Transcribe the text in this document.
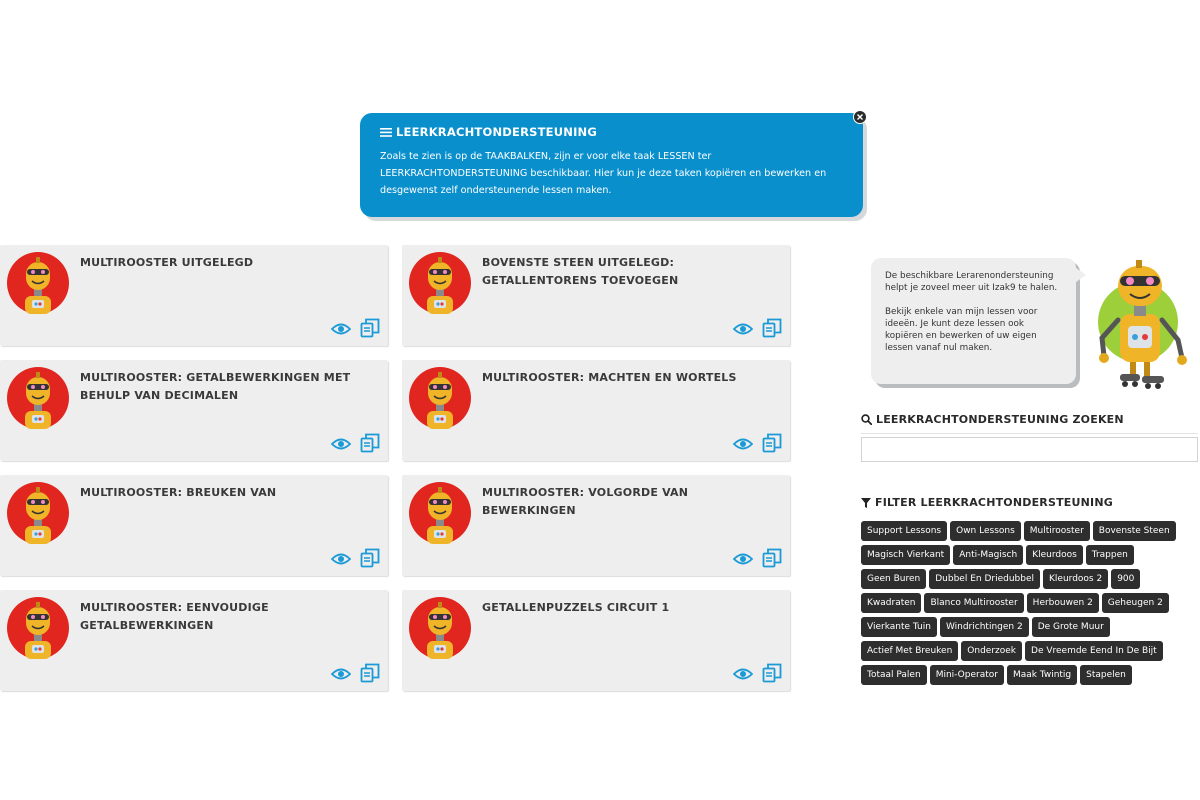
LEERKRACHTONDERSTEUNING
Zoals te zien is op de TAAKBALKEN, zijn er voor elke taak LESSEN ter LEERKRACHTONDERSTEUNING beschikbaar. Hier kun je deze taken kopiëren en bewerken en desgewenst zelf ondersteunende lessen maken.
MULTIROOSTER UITGELEGD	BOVENSTE STEEN UITGELEGD: GETALLENTORENS TOEVOEGEN
MULTIROOSTER: GETALBEWERKINGEN MET BEHULP VAN DECIMALEN
MULTIROOSTER: MACHTEN EN WORTELS
MULTIROOSTER: BREUKEN VAN	MULTIROOSTER: VOLGORDE VAN BEWERKINGEN
MULTIROOSTER: EENVOUDIGE GETALBEWERKINGEN
GETALLENPUZZELS CIRCUIT 1

De beschikbare Lerarenondersteuning helpt je zoveel meer uit Izak9 te halen.

Bekijk enkele van mijn lessen voor ideeën. Je kunt deze lessen ook kopiëren en bewerken of uw eigen lessen vanaf nul maken.

LEERKRACHTONDERSTEUNING ZOEKEN
FILTER LEERKRACHTONDERSTEUNING
Support Lessons	Own Lessons	Multirooster	Bovenste Steen
Magisch Vierkant	Anti-Magisch	Kleurdoos	Trappen
Geen Buren	Dubbel En Driedubbel	Kleurdoos 2	900
Kwadraten	Blanco Multirooster	Herbouwen 2	Geheugen 2
Vierkante Tuin	Windrichtingen 2	De Grote Muur
Actief Met Breuken	Onderzoek	De Vreemde Eend In De Bijt
Totaal Palen	Mini-Operator	Maak Twintig	Stapelen
